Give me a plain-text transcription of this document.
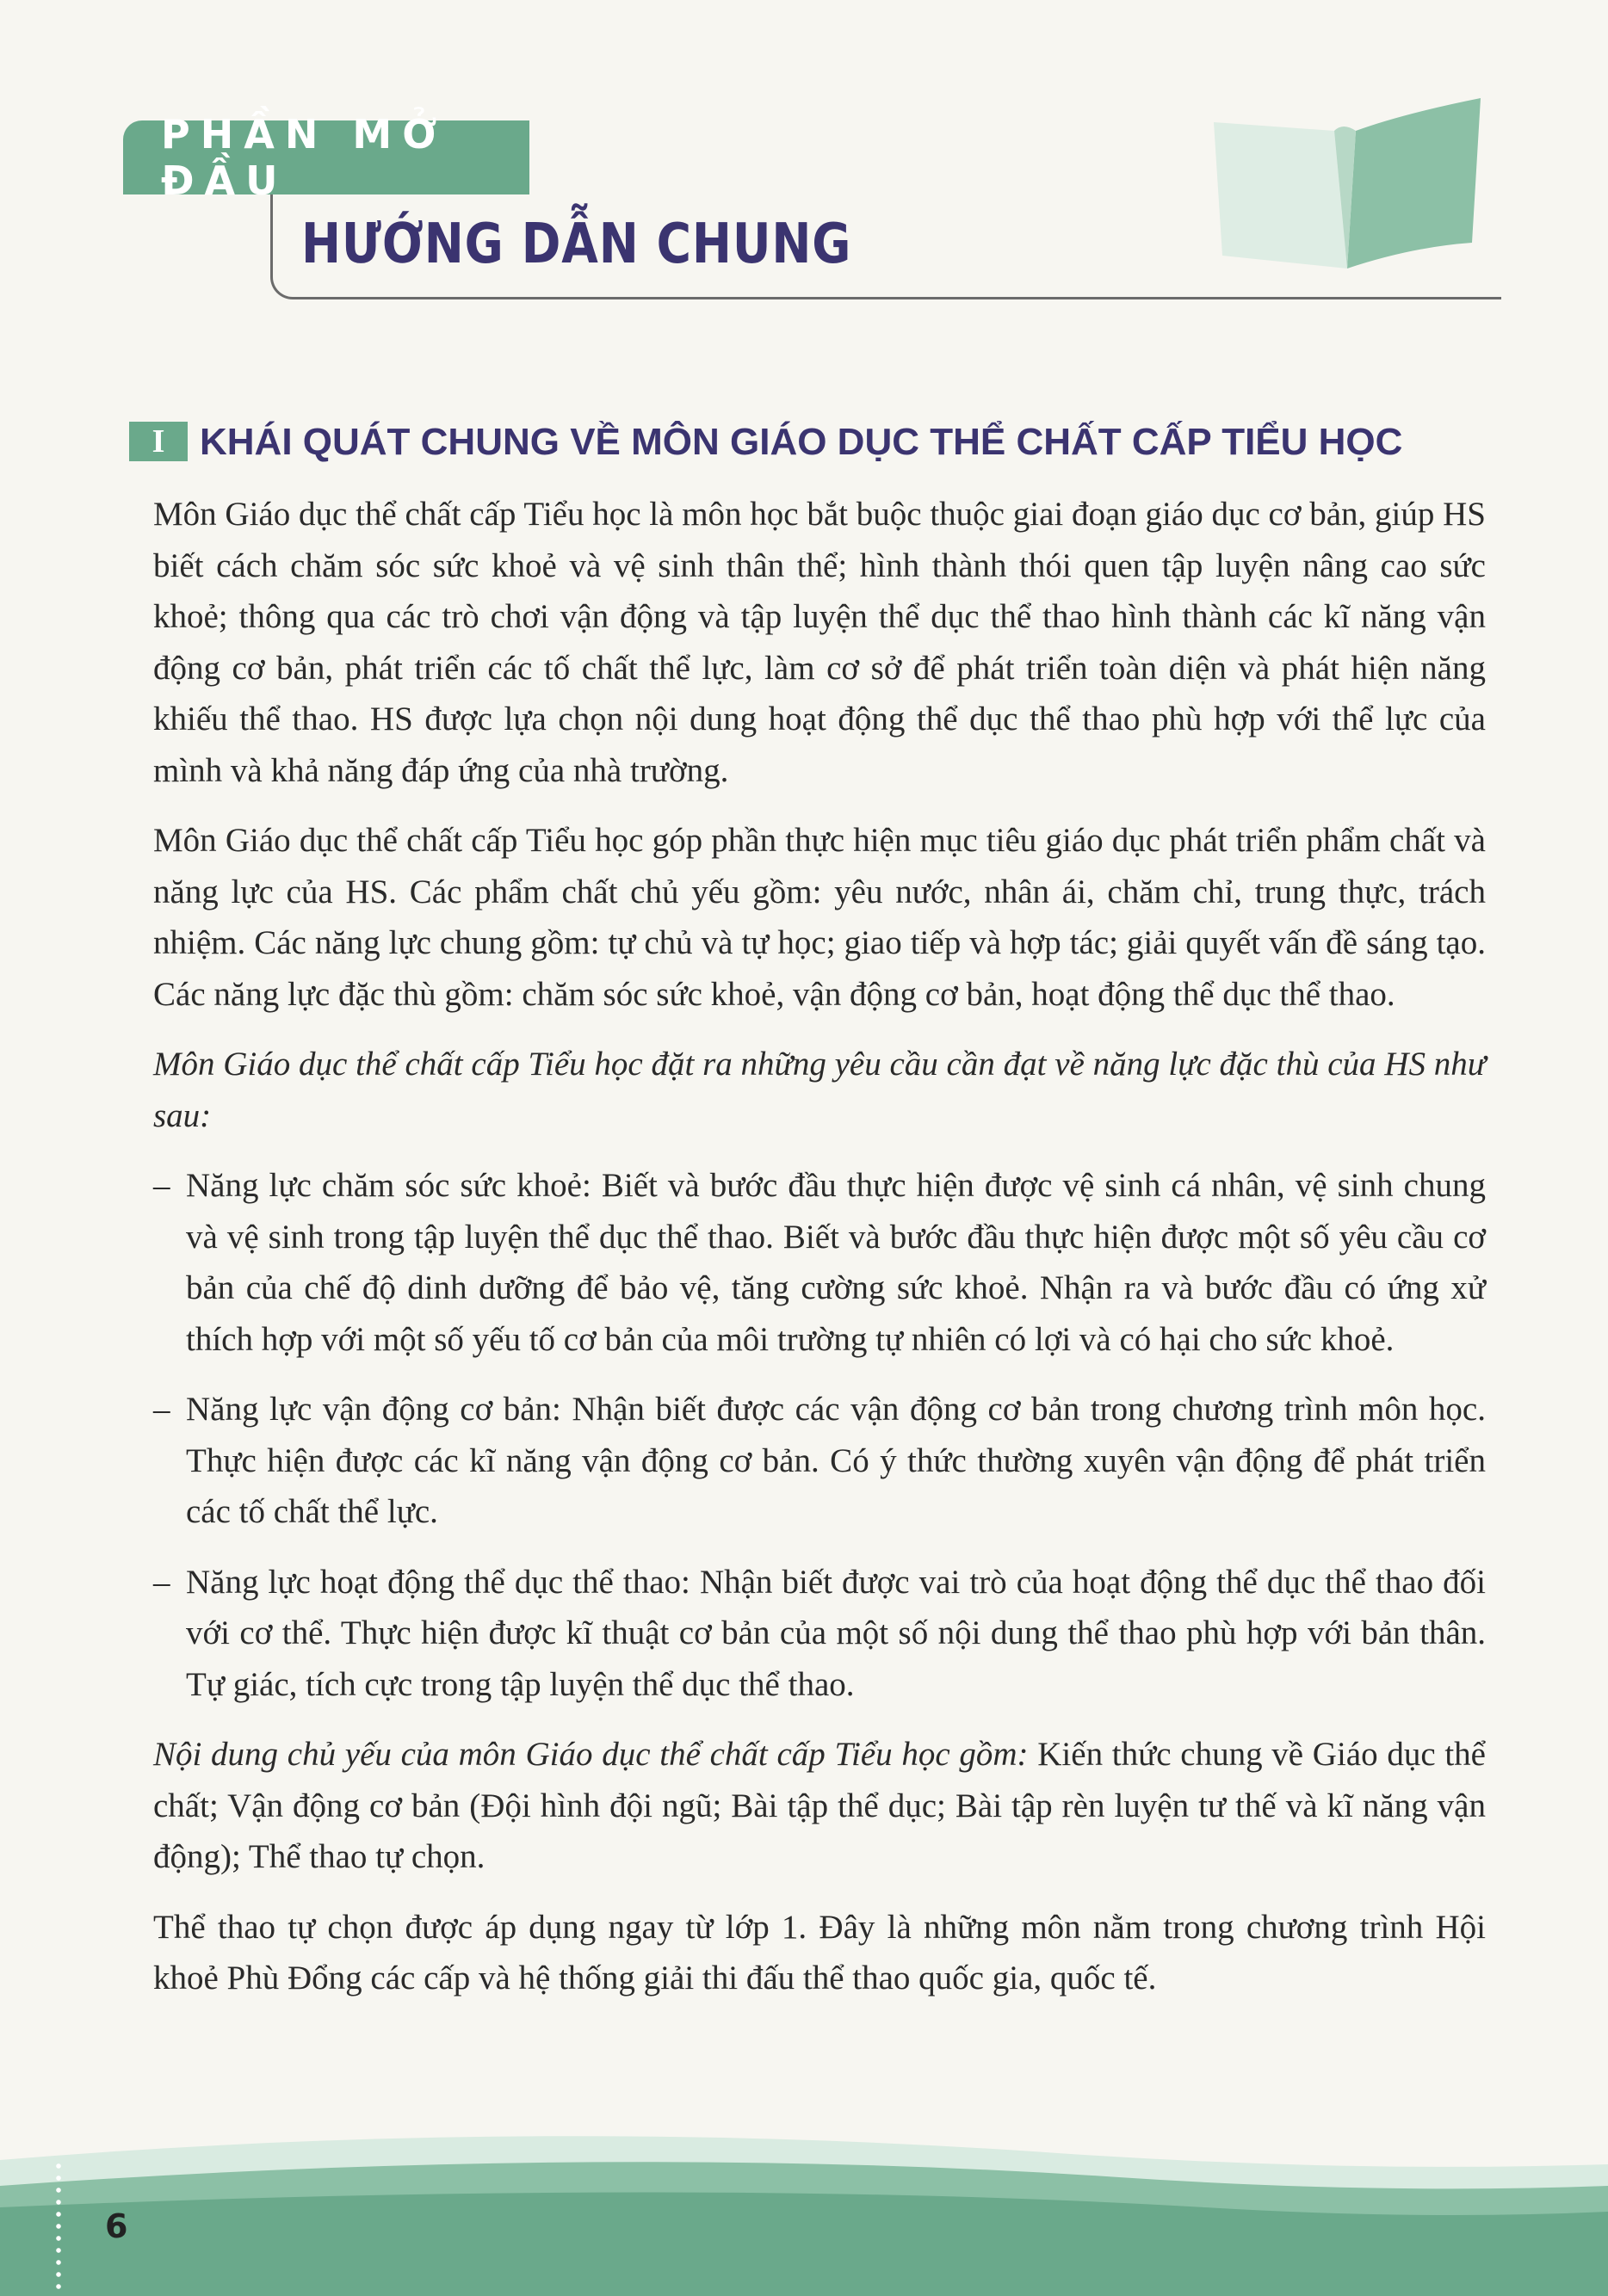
PHẦN MỞ ĐẦU
HƯỚNG DẪN CHUNG
I KHÁI QUÁT CHUNG VỀ MÔN GIÁO DỤC THỂ CHẤT CẤP TIỂU HỌC

Môn Giáo dục thể chất cấp Tiểu học là môn học bắt buộc thuộc giai đoạn giáo dục cơ bản, giúp HS biết cách chăm sóc sức khoẻ và vệ sinh thân thể; hình thành thói quen tập luyện nâng cao sức khoẻ; thông qua các trò chơi vận động và tập luyện thể dục thể thao hình thành các kĩ năng vận động cơ bản, phát triển các tố chất thể lực, làm cơ sở để phát triển toàn diện và phát hiện năng khiếu thể thao. HS được lựa chọn nội dung hoạt động thể dục thể thao phù hợp với thể lực của mình và khả năng đáp ứng của nhà trường.

Môn Giáo dục thể chất cấp Tiểu học góp phần thực hiện mục tiêu giáo dục phát triển phẩm chất và năng lực của HS. Các phẩm chất chủ yếu gồm: yêu nước, nhân ái, chăm chỉ, trung thực, trách nhiệm. Các năng lực chung gồm: tự chủ và tự học; giao tiếp và hợp tác; giải quyết vấn đề sáng tạo. Các năng lực đặc thù gồm: chăm sóc sức khoẻ, vận động cơ bản, hoạt động thể dục thể thao.

Môn Giáo dục thể chất cấp Tiểu học đặt ra những yêu cầu cần đạt về năng lực đặc thù của HS như sau:

– Năng lực chăm sóc sức khoẻ: Biết và bước đầu thực hiện được vệ sinh cá nhân, vệ sinh chung và vệ sinh trong tập luyện thể dục thể thao. Biết và bước đầu thực hiện được một số yêu cầu cơ bản của chế độ dinh dưỡng để bảo vệ, tăng cường sức khoẻ. Nhận ra và bước đầu có ứng xử thích hợp với một số yếu tố cơ bản của môi trường tự nhiên có lợi và có hại cho sức khoẻ.
– Năng lực vận động cơ bản: Nhận biết được các vận động cơ bản trong chương trình môn học. Thực hiện được các kĩ năng vận động cơ bản. Có ý thức thường xuyên vận động để phát triển các tố chất thể lực.
– Năng lực hoạt động thể dục thể thao: Nhận biết được vai trò của hoạt động thể dục thể thao đối với cơ thể. Thực hiện được kĩ thuật cơ bản của một số nội dung thể thao phù hợp với bản thân. Tự giác, tích cực trong tập luyện thể dục thể thao.

Nội dung chủ yếu của môn Giáo dục thể chất cấp Tiểu học gồm: Kiến thức chung về Giáo dục thể chất; Vận động cơ bản (Đội hình đội ngũ; Bài tập thể dục; Bài tập rèn luyện tư thế và kĩ năng vận động); Thể thao tự chọn.

Thể thao tự chọn được áp dụng ngay từ lớp 1. Đây là những môn nằm trong chương trình Hội khoẻ Phù Đổng các cấp và hệ thống giải thi đấu thể thao quốc gia, quốc tế.

6
